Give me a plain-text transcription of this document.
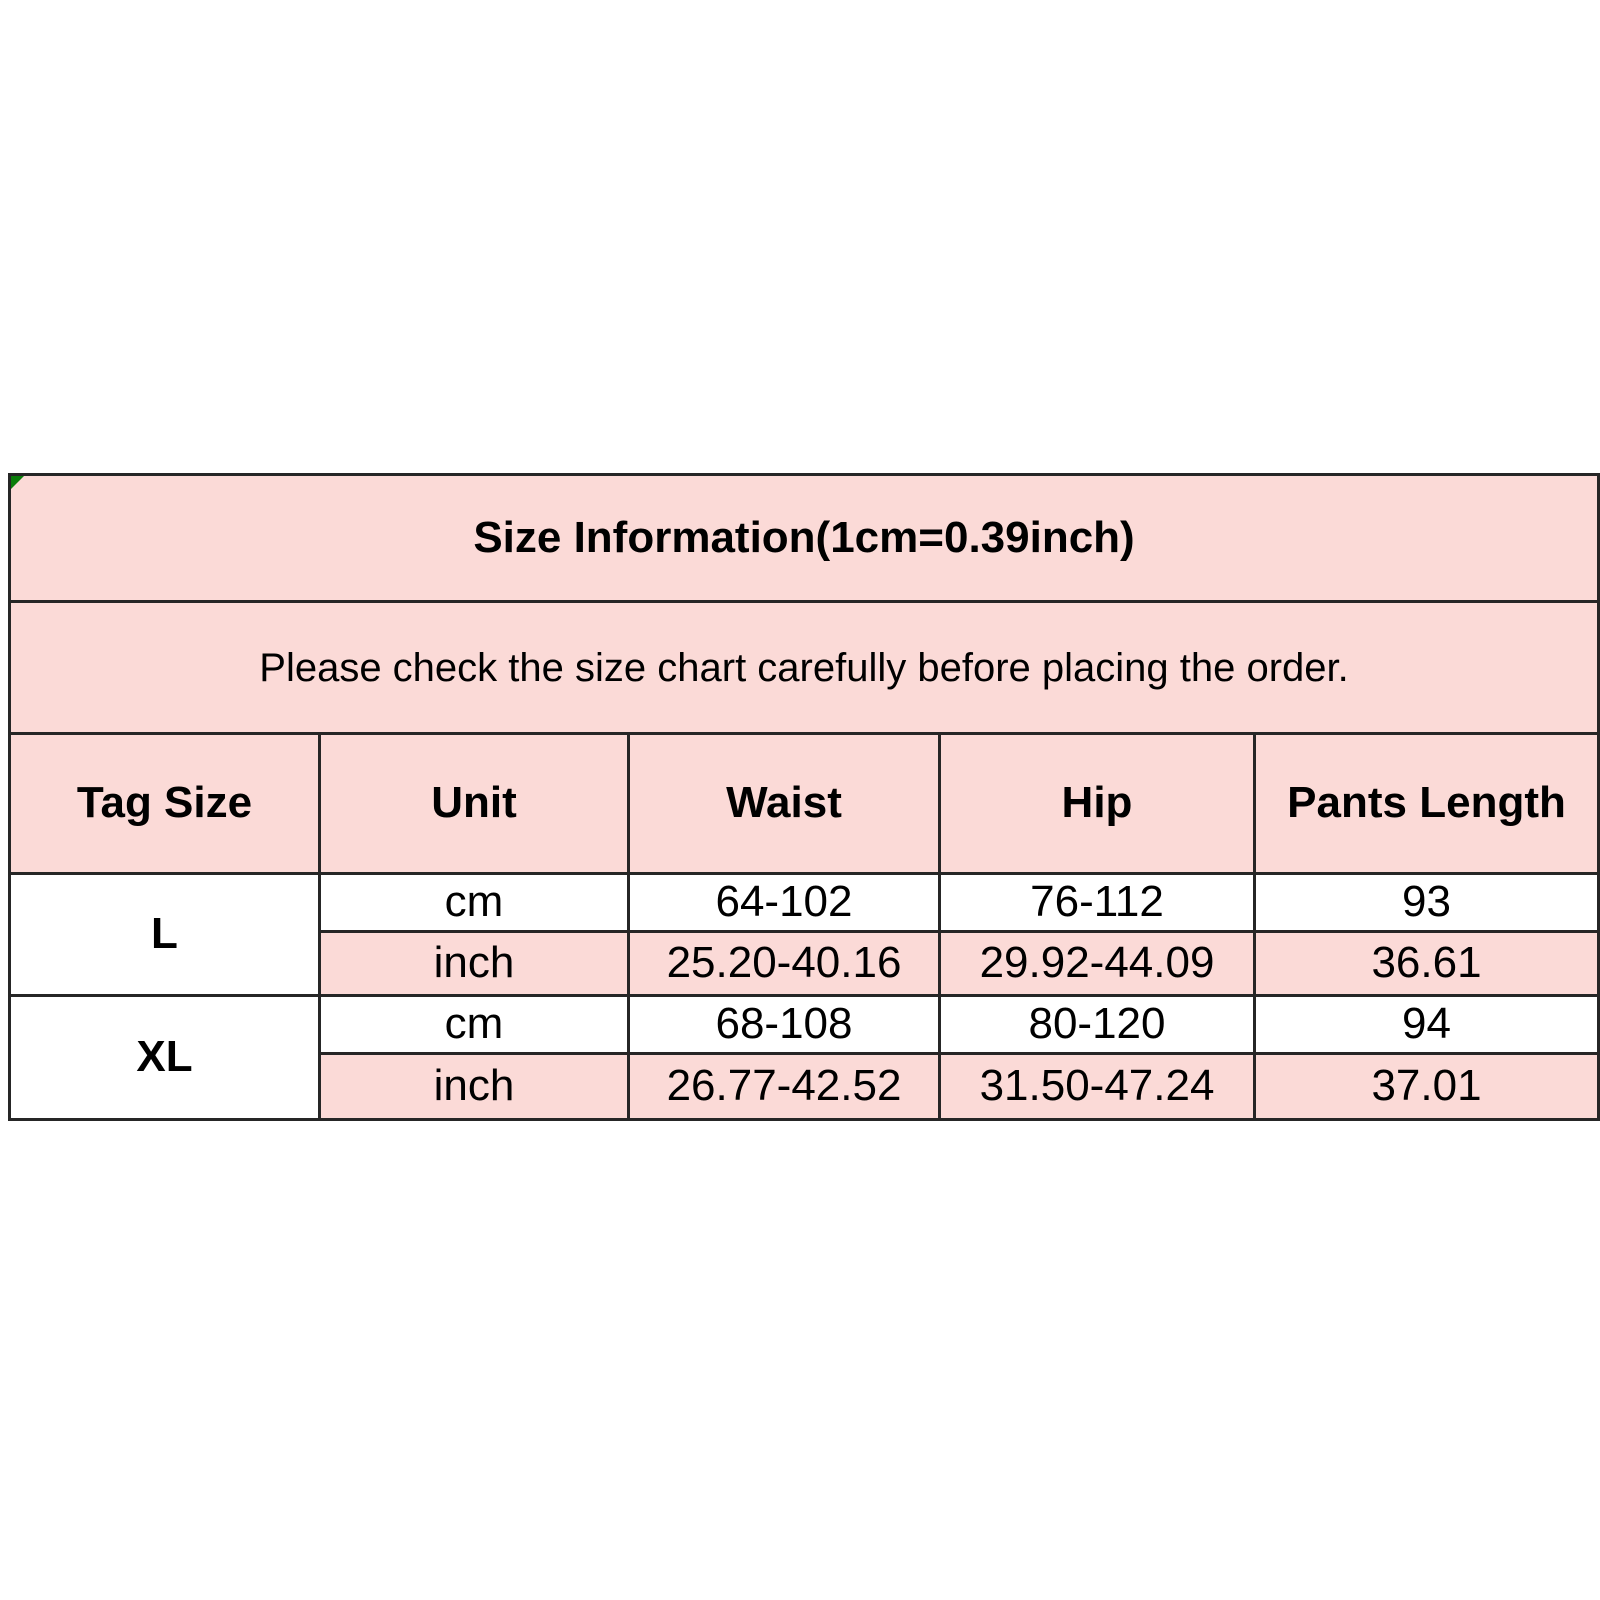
Size Information(1cm=0.39inch)				
Please check the size chart carefully before placing the order.				
Tag Size	Unit	Waist	Hip	Pants Length
L	cm	64-102	76-112	93
	inch	25.20-40.16	29.92-44.09	36.61
XL	cm	68-108	80-120	94
	inch	26.77-42.52	31.50-47.24	37.01
